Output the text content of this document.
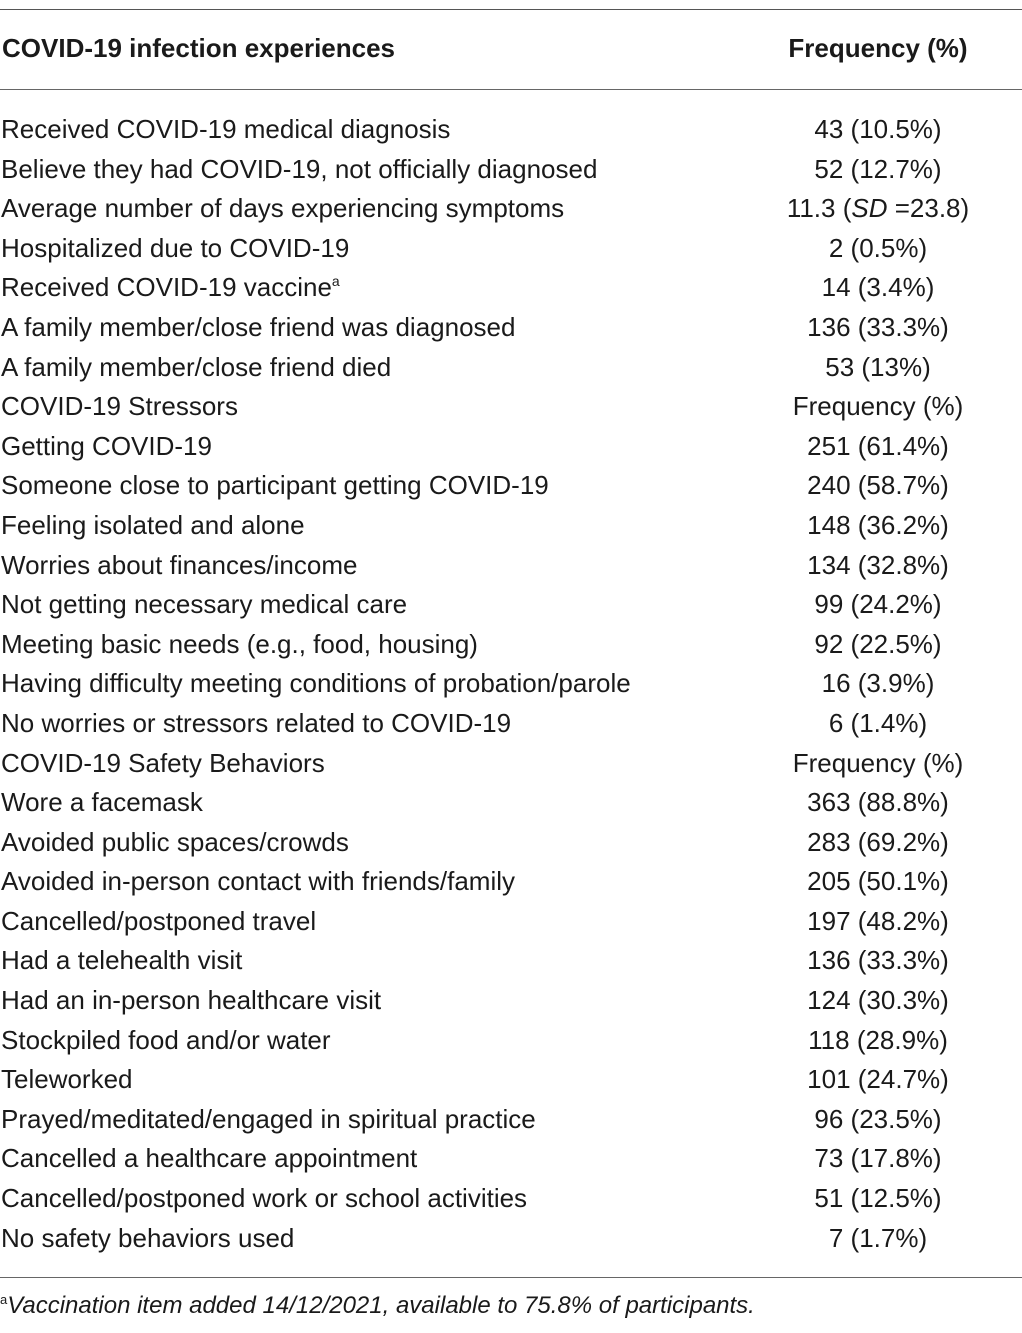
COVID-19 infection experiences	Frequency (%)
Received COVID-19 medical diagnosis	43 (10.5%)
Believe they had COVID-19, not officially diagnosed	52 (12.7%)
Average number of days experiencing symptoms	11.3 (SD =23.8)
Hospitalized due to COVID-19	2 (0.5%)
Received COVID-19 vaccine$^a$	14 (3.4%)
A family member/close friend was diagnosed	136 (33.3%)
A family member/close friend died	53 (13%)
COVID-19 Stressors	Frequency (%)
Getting COVID-19	251 (61.4%)
Someone close to participant getting COVID-19	240 (58.7%)
Feeling isolated and alone	148 (36.2%)
Worries about finances/income	134 (32.8%)
Not getting necessary medical care	99 (24.2%)
Meeting basic needs (e.g., food, housing)	92 (22.5%)
Having difficulty meeting conditions of probation/parole	16 (3.9%)
No worries or stressors related to COVID-19	6 (1.4%)
COVID-19 Safety Behaviors	Frequency (%)
Wore a facemask	363 (88.8%)
Avoided public spaces/crowds	283 (69.2%)
Avoided in-person contact with friends/family	205 (50.1%)
Cancelled/postponed travel	197 (48.2%)
Had a telehealth visit	136 (33.3%)
Had an in-person healthcare visit	124 (30.3%)
Stockpiled food and/or water	118 (28.9%)
Teleworked	101 (24.7%)
Prayed/meditated/engaged in spiritual practice	96 (23.5%)
Cancelled a healthcare appointment	73 (17.8%)
Cancelled/postponed work or school activities	51 (12.5%)
No safety behaviors used	7 (1.7%)
$^a$Vaccination item added 14/12/2021, available to 75.8% of participants.
